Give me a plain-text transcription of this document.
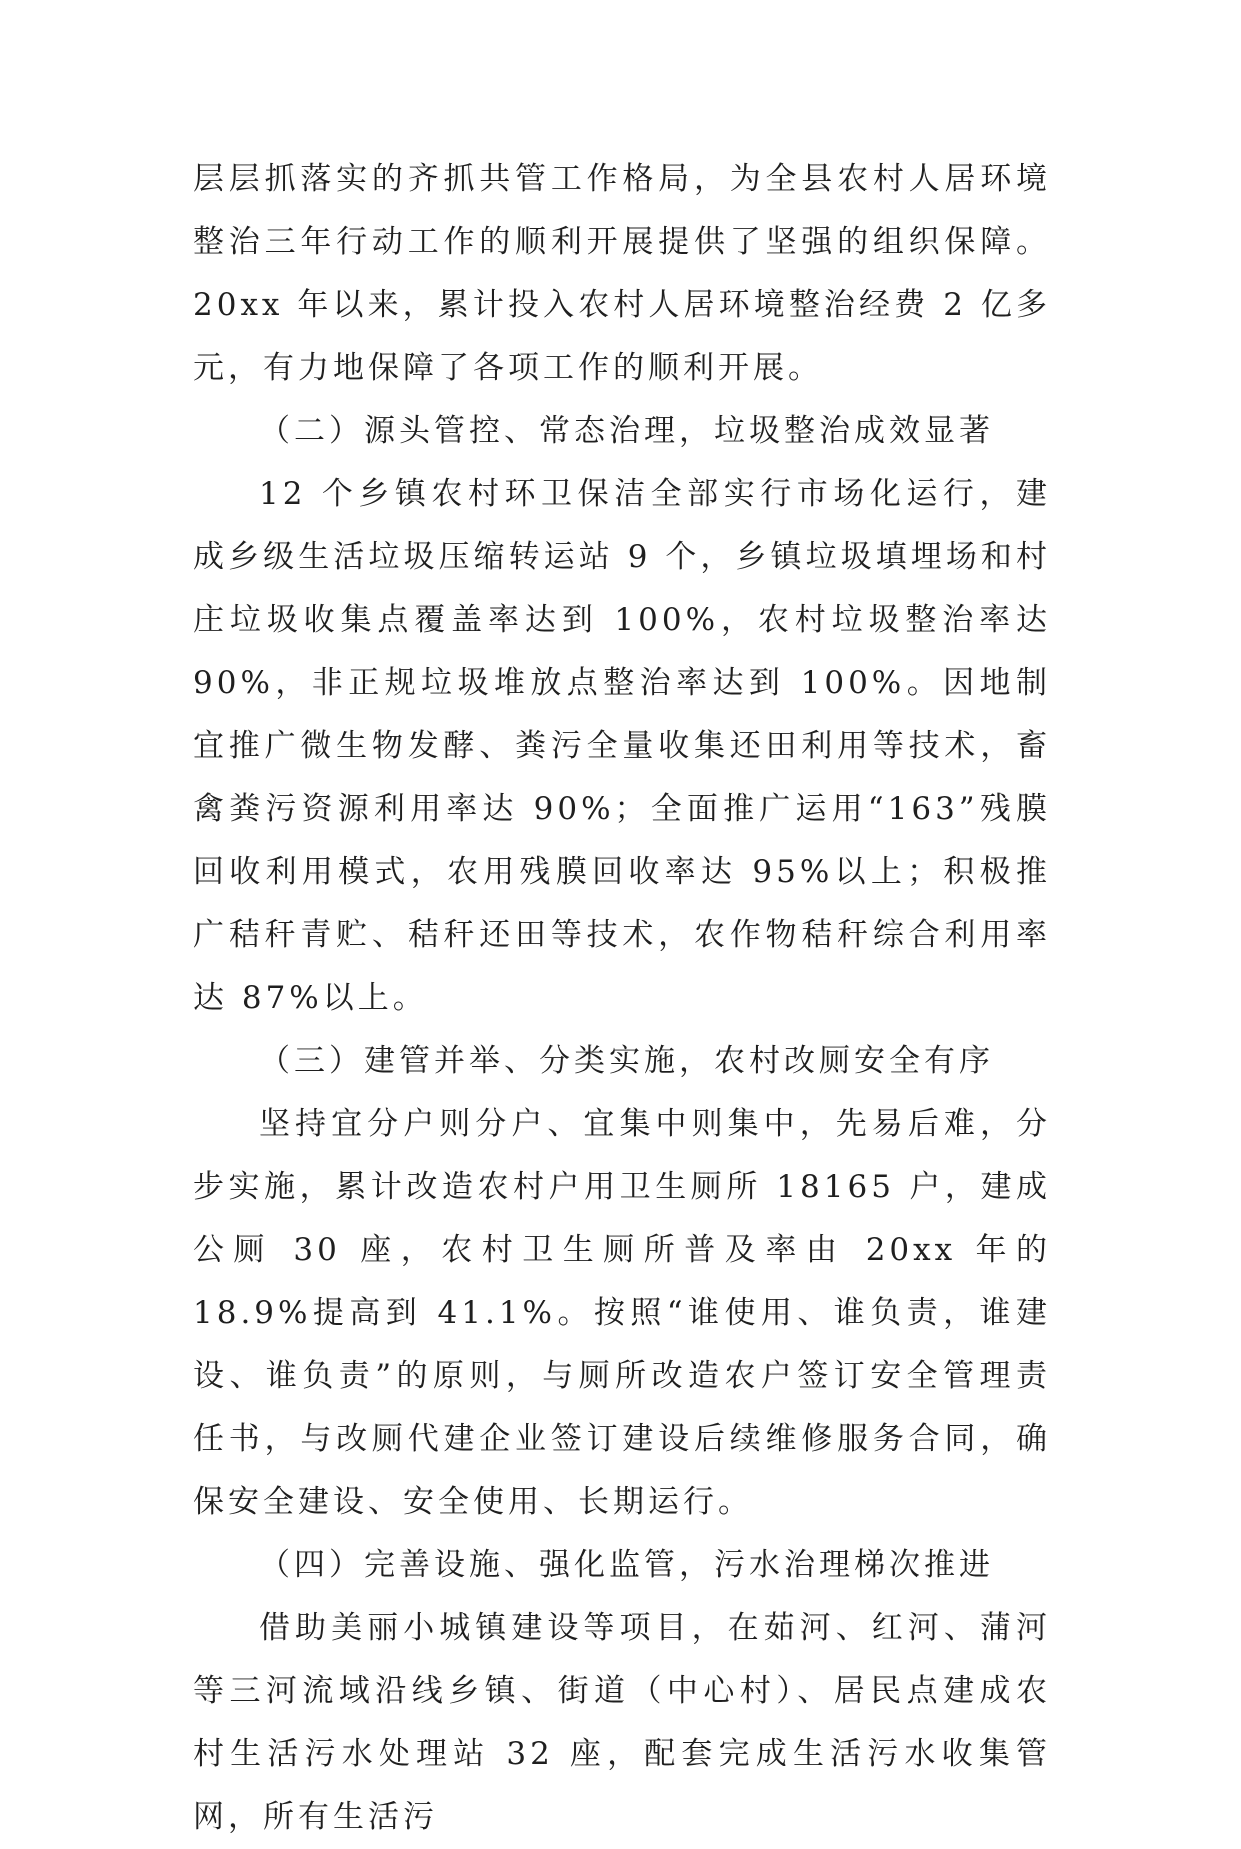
层层抓落实的齐抓共管工作格局，为全县农村人居环境整治三年行动工作的顺利开展提供了坚强的组织保障。20xx 年以来，累计投入农村人居环境整治经费 2 亿多元，有力地保障了各项工作的顺利开展。

（二）源头管控、常态治理，垃圾整治成效显著

12 个乡镇农村环卫保洁全部实行市场化运行，建成乡级生活垃圾压缩转运站 9 个，乡镇垃圾填埋场和村庄垃圾收集点覆盖率达到 100%，农村垃圾整治率达 90%，非正规垃圾堆放点整治率达到 100%。因地制宜推广微生物发酵、粪污全量收集还田利用等技术，畜禽粪污资源利用率达 90%；全面推广运用“163”残膜回收利用模式，农用残膜回收率达 95%以上；积极推广秸秆青贮、秸秆还田等技术，农作物秸秆综合利用率达 87%以上。

（三）建管并举、分类实施，农村改厕安全有序

坚持宜分户则分户、宜集中则集中，先易后难，分步实施，累计改造农村户用卫生厕所 18165 户，建成公厕 30 座，农村卫生厕所普及率由 20xx 年的 18.9%提高到 41.1%。按照“谁使用、谁负责，谁建设、谁负责”的原则，与厕所改造农户签订安全管理责任书，与改厕代建企业签订建设后续维修服务合同，确保安全建设、安全使用、长期运行。

（四）完善设施、强化监管，污水治理梯次推进

借助美丽小城镇建设等项目，在茹河、红河、蒲河等三河流域沿线乡镇、街道（中心村）、居民点建成农村生活污水处理站 32 座，配套完成生活污水收集管网，所有生活污
